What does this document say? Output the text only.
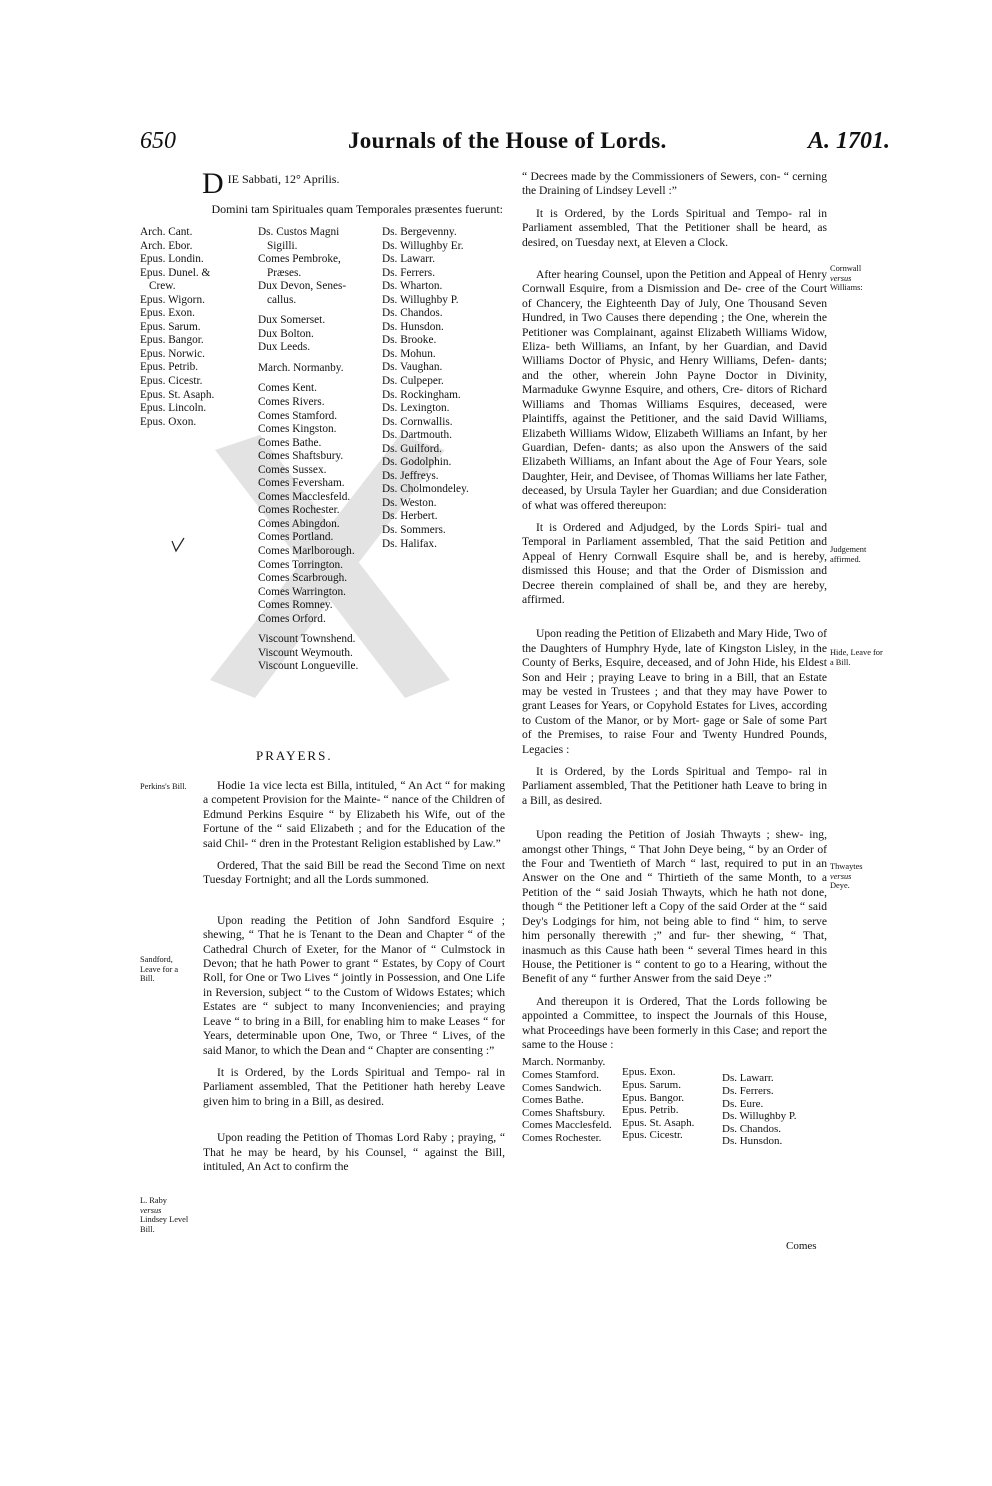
650	Journals of the House of Lords.	A. 1701.
D IE Sabbati, 12° Aprilis.
Domini tam Spirituales quam Temporales præsentes fuerunt:
Arch. Cant.
Arch. Ebor.
Epus. Londin.
Epus. Dunel. &
Crew.
Epus. Wigorn.
Epus. Exon.
Epus. Sarum.
Epus. Bangor.
Epus. Norwic.
Epus. Petrib.
Epus. Cicestr.
Epus. St. Asaph.
Epus. Lincoln.
Epus. Oxon.
Ds. Custos Magni
Sigilli.
Comes Pembroke,
Præses.
Dux Devon, Senes-
callus.
Dux Somerset.
Dux Bolton.
Dux Leeds.
March. Normanby.
Comes Kent.
Comes Rivers.
Comes Stamford.
Comes Kingston.
Comes Bathe.
Comes Shaftsbury.
Comes Sussex.
Comes Feversham.
Comes Macclesfeld.
Comes Rochester.
Comes Abingdon.
Comes Portland.
Comes Marlborough.
Comes Torrington.
Comes Scarbrough.
Comes Warrington.
Comes Romney.
Comes Orford.
Viscount Townshend.
Viscount Weymouth.
Viscount Longueville.
Ds. Bergevenny.
Ds. Willughby Er.
Ds. Lawarr.
Ds. Ferrers.
Ds. Wharton.
Ds. Willughby P.
Ds. Chandos.
Ds. Hunsdon.
Ds. Brooke.
Ds. Mohun.
Ds. Vaughan.
Ds. Culpeper.
Ds. Rockingham.
Ds. Lexington.
Ds. Cornwallis.
Ds. Dartmouth.
Ds. Guilford.
Ds. Godolphin.
Ds. Jeffreys.
Ds. Cholmondeley.
Ds. Weston.
Ds. Herbert.
Ds. Sommers.
Ds. Halifax.
PRAYERS.

Hodie 1a vice lecta est Billa, intituled, “ An Act “ for making a competent Provision for the Mainte- “ nance of the Children of Edmund Perkins Esquire “ by Elizabeth his Wife, out of the Fortune of the “ said Elizabeth ; and for the Education of the said Chil- “ dren in the Protestant Religion established by Law.”

Ordered, That the said Bill be read the Second Time on next Tuesday Fortnight; and all the Lords summoned.

Upon reading the Petition of John Sandford Esquire ; shewing, “ That he is Tenant to the Dean and Chapter “ of the Cathedral Church of Exeter, for the Manor of “ Culmstock in Devon; that he hath Power to grant “ Estates, by Copy of Court Roll, for One or Two Lives “ jointly in Possession, and One Life in Reversion, subject “ to the Custom of Widows Estates; which Estates are “ subject to many Inconveniencies; and praying Leave “ to bring in a Bill, for enabling him to make Leases “ for Years, determinable upon One, Two, or Three “ Lives, of the said Manor, to which the Dean and “ Chapter are consenting :”

It is Ordered, by the Lords Spiritual and Tempo- ral in Parliament assembled, That the Petitioner hath hereby Leave given him to bring in a Bill, as desired.

Upon reading the Petition of Thomas Lord Raby ; praying, “ That he may be heard, by his Counsel, “ against the Bill, intituled, An Act to confirm the

Perkins's Bill.
Sandford, Leave for a Bill.
L. Raby
versus
Lindsey Level
Bill.

“ Decrees made by the Commissioners of Sewers, con- “ cerning the Draining of Lindsey Levell :”

It is Ordered, by the Lords Spiritual and Tempo- ral in Parliament assembled, That the Petitioner shall be heard, as desired, on Tuesday next, at Eleven a Clock.

After hearing Counsel, upon the Petition and Appeal of Henry Cornwall Esquire, from a Dismission and De- cree of the Court of Chancery, the Eighteenth Day of July, One Thousand Seven Hundred, in Two Causes there depending ; the One, wherein the Petitioner was Complainant, against Elizabeth Williams Widow, Eliza- beth Williams, an Infant, by her Guardian, and David Williams Doctor of Physic, and Henry Williams, Defen- dants; and the other, wherein John Payne Doctor in Divinity, Marmaduke Gwynne Esquire, and others, Cre- ditors of Richard Williams and Thomas Williams Esquires, deceased, were Plaintiffs, against the Petitioner, and the said David Williams, Elizabeth Williams Widow, Elizabeth Williams an Infant, by her Guardian, Defen- dants; as also upon the Answers of the said Elizabeth Williams, an Infant about the Age of Four Years, sole Daughter, Heir, and Devisee, of Thomas Williams her late Father, deceased, by Ursula Tayler her Guardian; and due Consideration of what was offered thereupon:

It is Ordered and Adjudged, by the Lords Spiri- tual and Temporal in Parliament assembled, That the said Petition and Appeal of Henry Cornwall Esquire shall be, and is hereby, dismissed this House; and that the Order of Dismission and Decree therein complained of shall be, and they are hereby, affirmed.

Upon reading the Petition of Elizabeth and Mary Hide, Two of the Daughters of Humphry Hyde, late of Kingston Lisley, in the County of Berks, Esquire, deceased, and of John Hide, his Eldest Son and Heir ; praying Leave to bring in a Bill, that an Estate may be vested in Trustees ; and that they may have Power to grant Leases for Years, or Copyhold Estates for Lives, according to Custom of the Manor, or by Mort- gage or Sale of some Part of the Premises, to raise Four and Twenty Hundred Pounds, Legacies :

It is Ordered, by the Lords Spiritual and Tempo- ral in Parliament assembled, That the Petitioner hath Leave to bring in a Bill, as desired.

Upon reading the Petition of Josiah Thwayts ; shew- ing, amongst other Things, “ That John Deye being, “ by an Order of the Four and Twentieth of March “ last, required to put in an Answer on the One and “ Thirtieth of the same Month, to a Petition of the “ said Josiah Thwayts, which he hath not done, though “ the Petitioner left a Copy of the said Order at the “ said Dey's Lodgings for him, not being able to find “ him, to serve him personally therewith ;” and fur- ther shewing, “ That, inasmuch as this Cause hath been “ several Times heard in this House, the Petitioner is “ content to go to a Hearing, without the Benefit of any “ further Answer from the said Deye :”

And thereupon it is Ordered, That the Lords following be appointed a Committee, to inspect the Journals of this House, what Proceedings have been formerly in this Case; and report the same to the House :

March. Normanby.
Comes Stamford.
Comes Sandwich.
Comes Bathe.
Comes Shaftsbury.
Comes Macclesfeld.
Comes Rochester.
Epus. Exon.
Epus. Sarum.
Epus. Bangor.
Epus. Petrib.
Epus. St. Asaph.
Epus. Cicestr.
Ds. Lawarr.
Ds. Ferrers.
Ds. Eure.
Ds. Willughby P.
Ds. Chandos.
Ds. Hunsdon.
Cornwall
versus
Williams:
Judgement affirmed.
Hide, Leave for a Bill.
Thwaytes
versus
Deye.
Comes
